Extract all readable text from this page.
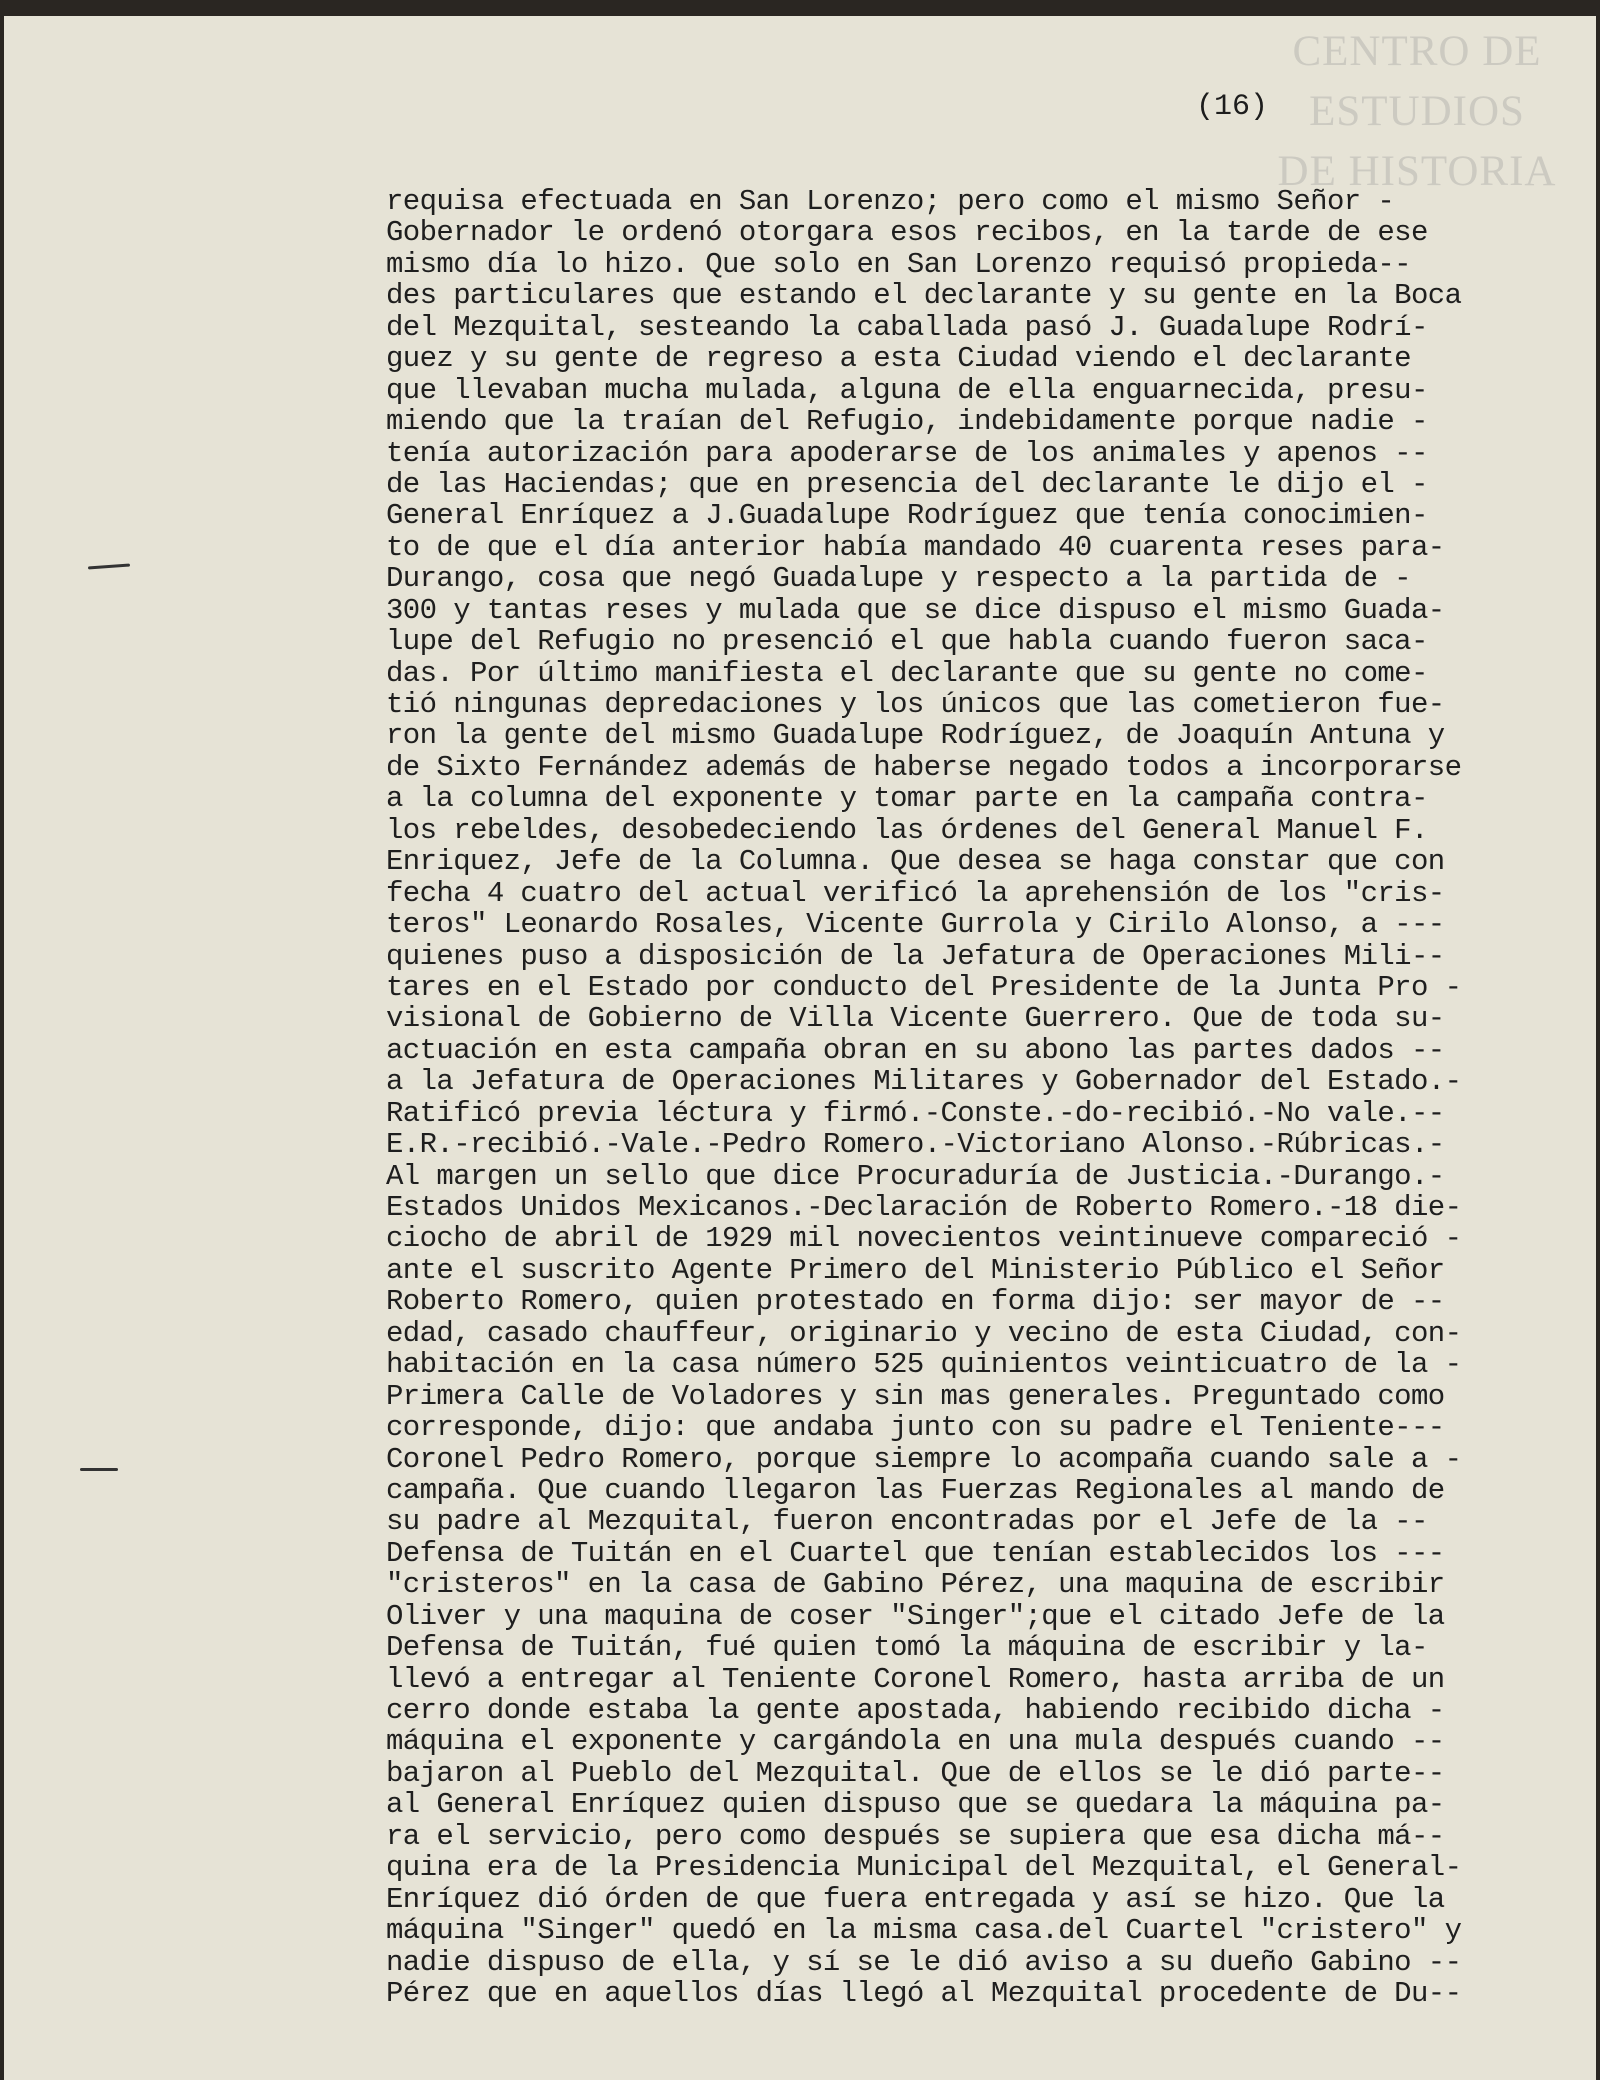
CENTRO DE
ESTUDIOS
DE HISTORIA
(16)
requisa efectuada en San Lorenzo; pero como el mismo Señor -
Gobernador le ordenó otorgara esos recibos, en la tarde de ese
mismo día lo hizo. Que solo en San Lorenzo requisó propieda--
des particulares que estando el declarante y su gente en la Boca
del Mezquital, sesteando la caballada pasó J. Guadalupe Rodrí-
guez y su gente de regreso a esta Ciudad viendo el declarante
que llevaban mucha mulada, alguna de ella enguarnecida, presu-
miendo que la traían del Refugio, indebidamente porque nadie -
tenía autorización para apoderarse de los animales y apenos --
de las Haciendas; que en presencia del declarante le dijo el -
General Enríquez a J.Guadalupe Rodríguez que tenía conocimien-
to de que el día anterior había mandado 40 cuarenta reses para-
Durango, cosa que negó Guadalupe y respecto a la partida de -
300 y tantas reses y mulada que se dice dispuso el mismo Guada-
lupe del Refugio no presenció el que habla cuando fueron saca-
das. Por último manifiesta el declarante que su gente no come-
tió ningunas depredaciones y los únicos que las cometieron fue-
ron la gente del mismo Guadalupe Rodríguez, de Joaquín Antuna y
de Sixto Fernández además de haberse negado todos a incorporarse
a la columna del exponente y tomar parte en la campaña contra-
los rebeldes, desobedeciendo las órdenes del General Manuel F.
Enriquez, Jefe de la Columna. Que desea se haga constar que con
fecha 4 cuatro del actual verificó la aprehensión de los "cris-
teros" Leonardo Rosales, Vicente Gurrola y Cirilo Alonso, a ---
quienes puso a disposición de la Jefatura de Operaciones Mili--
tares en el Estado por conducto del Presidente de la Junta Pro -
visional de Gobierno de Villa Vicente Guerrero. Que de toda su-
actuación en esta campaña obran en su abono las partes dados --
a la Jefatura de Operaciones Militares y Gobernador del Estado.-
Ratificó previa léctura y firmó.-Conste.-do-recibió.-No vale.--
E.R.-recibió.-Vale.-Pedro Romero.-Victoriano Alonso.-Rúbricas.-
Al margen un sello que dice Procuraduría de Justicia.-Durango.-
Estados Unidos Mexicanos.-Declaración de Roberto Romero.-18 die-
ciocho de abril de 1929 mil novecientos veintinueve compareció -
ante el suscrito Agente Primero del Ministerio Público el Señor
Roberto Romero, quien protestado en forma dijo: ser mayor de --
edad, casado chauffeur, originario y vecino de esta Ciudad, con-
habitación en la casa número 525 quinientos veinticuatro de la -
Primera Calle de Voladores y sin mas generales. Preguntado como
corresponde, dijo: que andaba junto con su padre el Teniente---
Coronel Pedro Romero, porque siempre lo acompaña cuando sale a -
campaña. Que cuando llegaron las Fuerzas Regionales al mando de
su padre al Mezquital, fueron encontradas por el Jefe de la --
Defensa de Tuitán en el Cuartel que tenían establecidos los ---
"cristeros" en la casa de Gabino Pérez, una maquina de escribir
Oliver y una maquina de coser "Singer";que el citado Jefe de la
Defensa de Tuitán, fué quien tomó la máquina de escribir y la-
llevó a entregar al Teniente Coronel Romero, hasta arriba de un
cerro donde estaba la gente apostada, habiendo recibido dicha -
máquina el exponente y cargándola en una mula después cuando --
bajaron al Pueblo del Mezquital. Que de ellos se le dió parte--
al General Enríquez quien dispuso que se quedara la máquina pa-
ra el servicio, pero como después se supiera que esa dicha má--
quina era de la Presidencia Municipal del Mezquital, el General-
Enríquez dió órden de que fuera entregada y así se hizo. Que la
máquina "Singer" quedó en la misma casa.del Cuartel "cristero" y
nadie dispuso de ella, y sí se le dió aviso a su dueño Gabino --
Pérez que en aquellos días llegó al Mezquital procedente de Du--
